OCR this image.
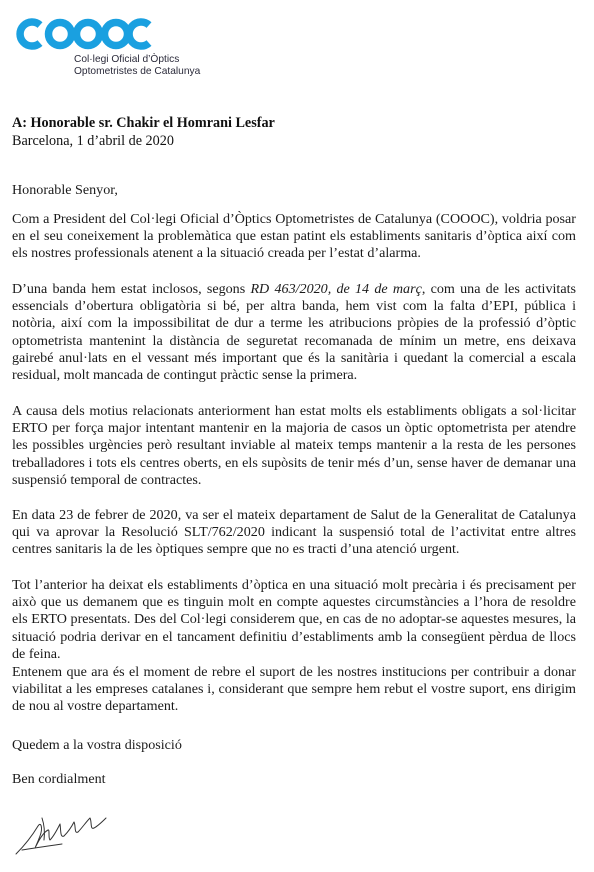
Col·legi Oficial d’Òptics
Optometristes de Catalunya
A: Honorable sr. Chakir el Homrani Lesfar
Barcelona, 1 d’abril de 2020
Honorable Senyor,
Com a President del Col·legi Oficial d’Òptics Optometristes de Catalunya (COOOC), voldria posar en el seu coneixement la problemàtica que estan patint els establiments sanitaris d’òptica així com els nostres professionals atenent a la situació creada per l’estat d’alarma.
D’una banda hem estat inclosos, segons RD 463/2020, de 14 de març, com una de les activitats essencials d’obertura obligatòria si bé, per altra banda, hem vist com la falta d’EPI, pública i notòria, així com la impossibilitat de dur a terme les atribucions pròpies de la professió d’òptic optometrista mantenint la distància de seguretat recomanada de mínim un metre, ens deixava gairebé anul·lats en el vessant més important que és la sanitària i quedant la comercial a escala residual, molt mancada de contingut pràctic sense la primera.
A causa dels motius relacionats anteriorment han estat molts els establiments obligats a sol·licitar ERTO per força major intentant mantenir en la majoria de casos un òptic optometrista per atendre les possibles urgències però resultant inviable al mateix temps mantenir a la resta de les persones treballadores i tots els centres oberts, en els supòsits de tenir més d’un, sense haver de demanar una suspensió temporal de contractes.
En data 23 de febrer de 2020, va ser el mateix departament de Salut de la Generalitat de Catalunya qui va aprovar la Resolució SLT/762/2020 indicant la suspensió total de l’activitat entre altres centres sanitaris la de les òptiques sempre que no es tracti d’una atenció urgent.
Tot l’anterior ha deixat els establiments d’òptica en una situació molt precària i és precisament per això que us demanem que es tinguin molt en compte aquestes circumstàncies a l’hora de resoldre els ERTO presentats. Des del Col·legi considerem que, en cas de no adoptar-se aquestes mesures, la situació podria derivar en el tancament definitiu d’establiments amb la consegüent pèrdua de llocs de feina.
Entenem que ara és el moment de rebre el suport de les nostres institucions per contribuir a donar viabilitat a les empreses catalanes i, considerant que sempre hem rebut el vostre suport, ens dirigim de nou al vostre departament.
Quedem a la vostra disposició
Ben cordialment
